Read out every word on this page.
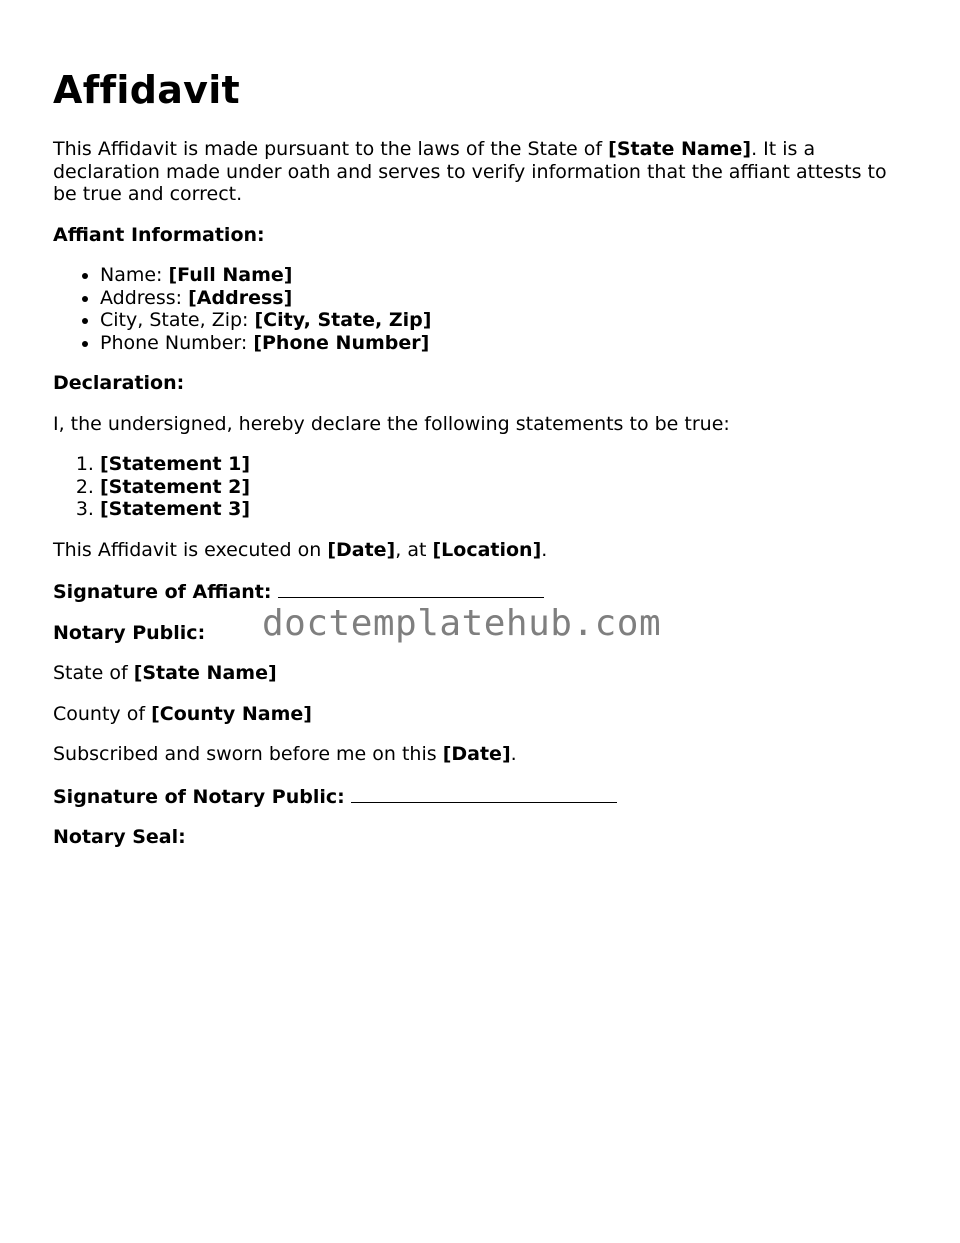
Affidavit

This Affidavit is made pursuant to the laws of the State of [State Name]. It is a declaration made under oath and serves to verify information that the affiant attests to be true and correct.

Affiant Information:

• Name: [Full Name]
• Address: [Address]
• City, State, Zip: [City, State, Zip]
• Phone Number: [Phone Number]

Declaration:

I, the undersigned, hereby declare the following statements to be true:

1. [Statement 1]
2. [Statement 2]
3. [Statement 3]

This Affidavit is executed on [Date], at [Location].

Signature of Affiant:

Notary Public:

State of [State Name]

County of [County Name]

Subscribed and sworn before me on this [Date].

Signature of Notary Public:

Notary Seal:

doctemplatehub.com
